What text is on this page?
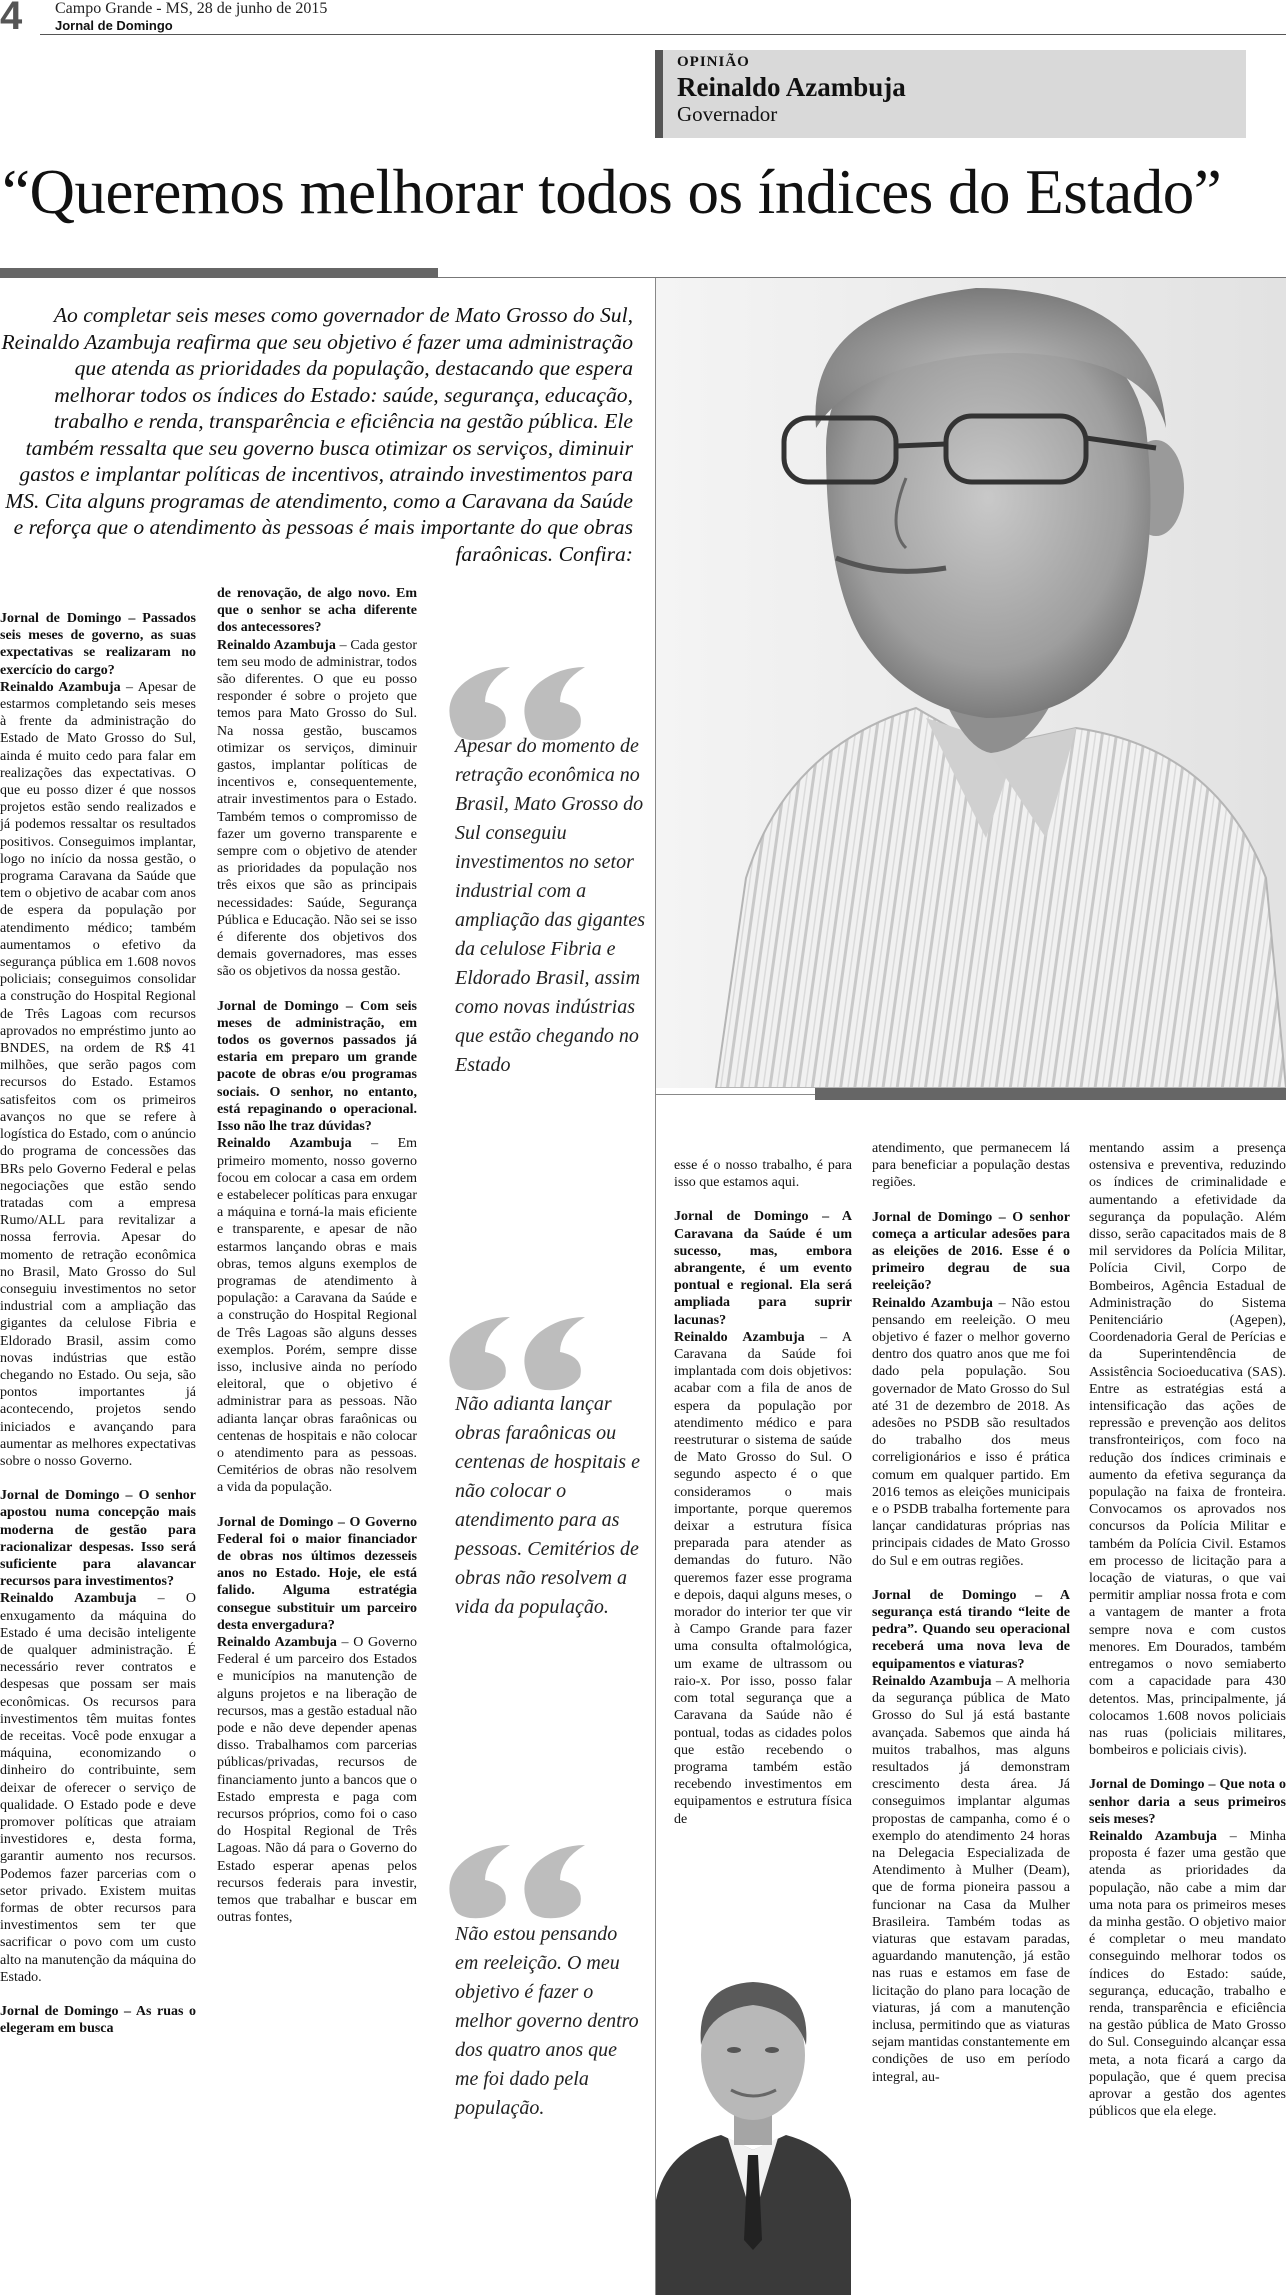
4 Campo Grande - MS, 28 de junho de 2015
Jornal de Domingo
OPINIÃO
Reinaldo Azambuja
Governador
“Queremos melhorar todos os índices do Estado”
Ao completar seis meses como governador de Mato Grosso do Sul, Reinaldo Azambuja reafirma que seu objetivo é fazer uma administração que atenda as prioridades da população, destacando que espera melhorar todos os índices do Estado: saúde, segurança, educação, trabalho e renda, transparência e eficiência na gestão pública. Ele também ressalta que seu governo busca otimizar os serviços, diminuir gastos e implantar políticas de incentivos, atraindo investimentos para MS. Cita alguns programas de atendimento, como a Caravana da Saúde e reforça que o atendimento às pessoas é mais importante do que obras faraônicas. Confira:

Jornal de Domingo – Passados seis meses de governo, as suas expectativas se realizaram no exercício do cargo?

Reinaldo Azambuja – Apesar de estarmos completando seis meses à frente da administração do Estado de Mato Grosso do Sul, ainda é muito cedo para falar em realizações das expectativas. O que eu posso dizer é que nossos projetos estão sendo realizados e já podemos ressaltar os resultados positivos. Conseguimos implantar, logo no início da nossa gestão, o programa Caravana da Saúde que tem o objetivo de acabar com anos de espera da população por atendimento médico; também aumentamos o efetivo da segurança pública em 1.608 novos policiais; conseguimos consolidar a construção do Hospital Regional de Três Lagoas com recursos aprovados no empréstimo junto ao BNDES, na ordem de R$ 41 milhões, que serão pagos com recursos do Estado. Estamos satisfeitos com os primeiros avanços no que se refere à logística do Estado, com o anúncio do programa de concessões das BRs pelo Governo Federal e pelas negociações que estão sendo tratadas com a empresa Rumo/ALL para revitalizar a nossa ferrovia. Apesar do momento de retração econômica no Brasil, Mato Grosso do Sul conseguiu investimentos no setor industrial com a ampliação das gigantes da celulose Fibria e Eldorado Brasil, assim como novas indústrias que estão chegando no Estado. Ou seja, são pontos importantes já acontecendo, projetos sendo iniciados e avançando para aumentar as melhores expectativas sobre o nosso Governo.

Jornal de Domingo – O senhor apostou numa concepção mais moderna de gestão para racionalizar despesas. Isso será suficiente para alavancar recursos para investimentos?

Reinaldo Azambuja – O enxugamento da máquina do Estado é uma decisão inteligente de qualquer administração. É necessário rever contratos e despesas que possam ser mais econômicas. Os recursos para investimentos têm muitas fontes de receitas. Você pode enxugar a máquina, economizando o dinheiro do contribuinte, sem deixar de oferecer o serviço de qualidade. O Estado pode e deve promover políticas que atraiam investidores e, desta forma, garantir aumento nos recursos. Podemos fazer parcerias com o setor privado. Existem muitas formas de obter recursos para investimentos sem ter que sacrificar o povo com um custo alto na manutenção da máquina do Estado.

Jornal de Domingo – As ruas o elegeram em busca

de renovação, de algo novo. Em que o senhor se acha diferente dos antecessores?

Reinaldo Azambuja – Cada gestor tem seu modo de administrar, todos são diferentes. O que eu posso responder é sobre o projeto que temos para Mato Grosso do Sul. Na nossa gestão, buscamos otimizar os serviços, diminuir gastos, implantar políticas de incentivos e, consequentemente, atrair investimentos para o Estado. Também temos o compromisso de fazer um governo transparente e sempre com o objetivo de atender as prioridades da população nos três eixos que são as principais necessidades: Saúde, Segurança Pública e Educação. Não sei se isso é diferente dos objetivos dos demais governadores, mas esses são os objetivos da nossa gestão.

Jornal de Domingo – Com seis meses de administração, em todos os governos passados já estaria em preparo um grande pacote de obras e/ou programas sociais. O senhor, no entanto, está repaginando o operacional. Isso não lhe traz dúvidas?

Reinaldo Azambuja – Em primeiro momento, nosso governo focou em colocar a casa em ordem e estabelecer políticas para enxugar a máquina e torná-la mais eficiente e transparente, e apesar de não estarmos lançando obras e mais obras, temos alguns exemplos de programas de atendimento à população: a Caravana da Saúde e a construção do Hospital Regional de Três Lagoas são alguns desses exemplos. Porém, sempre disse isso, inclusive ainda no período eleitoral, que o objetivo é administrar para as pessoas. Não adianta lançar obras faraônicas ou centenas de hospitais e não colocar o atendimento para as pessoas. Cemitérios de obras não resolvem a vida da população.

Jornal de Domingo – O Governo Federal foi o maior financiador de obras nos últimos dezesseis anos no Estado. Hoje, ele está falido. Alguma estratégia consegue substituir um parceiro desta envergadura?

Reinaldo Azambuja – O Governo Federal é um parceiro dos Estados e municípios na manutenção de alguns projetos e na liberação de recursos, mas a gestão estadual não pode e não deve depender apenas disso. Trabalhamos com parcerias públicas/privadas, recursos de financiamento junto a bancos que o Estado empresta e paga com recursos próprios, como foi o caso do Hospital Regional de Três Lagoas. Não dá para o Governo do Estado esperar apenas pelos recursos federais para investir, temos que trabalhar e buscar em outras fontes,

esse é o nosso trabalho, é para isso que estamos aqui.

Jornal de Domingo – A Caravana da Saúde é um sucesso, mas, embora abrangente, é um evento pontual e regional. Ela será ampliada para suprir lacunas?

Reinaldo Azambuja – A Caravana da Saúde foi implantada com dois objetivos: acabar com a fila de anos de espera da população por atendimento médico e para reestruturar o sistema de saúde de Mato Grosso do Sul. O segundo aspecto é o que consideramos o mais importante, porque queremos deixar a estrutura física preparada para atender as demandas do futuro. Não queremos fazer esse programa e depois, daqui alguns meses, o morador do interior ter que vir à Campo Grande para fazer uma consulta oftalmológica, um exame de ultrassom ou raio-x. Por isso, posso falar com total segurança que a Caravana da Saúde não é pontual, todas as cidades polos que estão recebendo o programa também estão recebendo investimentos em equipamentos e estrutura física de

atendimento, que permanecem lá para beneficiar a população destas regiões.

Jornal de Domingo – O senhor começa a articular adesões para as eleições de 2016. Esse é o primeiro degrau de sua reeleição?

Reinaldo Azambuja – Não estou pensando em reeleição. O meu objetivo é fazer o melhor governo dentro dos quatro anos que me foi dado pela população. Sou governador de Mato Grosso do Sul até 31 de dezembro de 2018. As adesões no PSDB são resultados do trabalho dos meus correligionários e isso é prática comum em qualquer partido. Em 2016 temos as eleições municipais e o PSDB trabalha fortemente para lançar candidaturas próprias nas principais cidades de Mato Grosso do Sul e em outras regiões.

Jornal de Domingo – A segurança está tirando “leite de pedra”. Quando seu operacional receberá uma nova leva de equipamentos e viaturas?

Reinaldo Azambuja – A melhoria da segurança pública de Mato Grosso do Sul já está bastante avançada. Sabemos que ainda há muitos trabalhos, mas alguns resultados já demonstram crescimento desta área. Já conseguimos implantar algumas propostas de campanha, como é o exemplo do atendimento 24 horas na Delegacia Especializada de Atendimento à Mulher (Deam), que de forma pioneira passou a funcionar na Casa da Mulher Brasileira. Também todas as viaturas que estavam paradas, aguardando manutenção, já estão nas ruas e estamos em fase de licitação do plano para locação de viaturas, já com a manutenção inclusa, permitindo que as viaturas sejam mantidas constantemente em condições de uso em período integral, au-

mentando assim a presença ostensiva e preventiva, reduzindo os índices de criminalidade e aumentando a efetividade da segurança da população. Além disso, serão capacitados mais de 8 mil servidores da Polícia Militar, Polícia Civil, Corpo de Bombeiros, Agência Estadual de Administração do Sistema Penitenciário (Agepen), Coordenadoria Geral de Perícias e da Superintendência de Assistência Socioeducativa (SAS). Entre as estratégias está a intensificação das ações de repressão e prevenção aos delitos transfronteiriços, com foco na redução dos índices criminais e aumento da efetiva segurança da população na faixa de fronteira. Convocamos os aprovados nos concursos da Polícia Militar e também da Polícia Civil. Estamos em processo de licitação para a locação de viaturas, o que vai permitir ampliar nossa frota e com a vantagem de manter a frota sempre nova e com custos menores. Em Dourados, também entregamos o novo semiaberto com a capacidade para 430 detentos. Mas, principalmente, já colocamos 1.608 novos policiais nas ruas (policiais militares, bombeiros e policiais civis).

Jornal de Domingo – Que nota o senhor daria a seus primeiros seis meses?

Reinaldo Azambuja – Minha proposta é fazer uma gestão que atenda as prioridades da população, não cabe a mim dar uma nota para os primeiros meses da minha gestão. O objetivo maior é completar o meu mandato conseguindo melhorar todos os índices do Estado: saúde, segurança, educação, trabalho e renda, transparência e eficiência na gestão pública de Mato Grosso do Sul. Conseguindo alcançar essa meta, a nota ficará a cargo da população, que é quem precisa aprovar a gestão dos agentes públicos que ela elege.

Apesar do momento de retração econômica no Brasil, Mato Grosso do Sul conseguiu investimentos no setor industrial com a ampliação das gigantes da celulose Fibria e Eldorado Brasil, assim como novas indústrias que estão chegando no Estado
Não adianta lançar obras faraônicas ou centenas de hospitais e não colocar o atendimento para as pessoas. Cemitérios de obras não resolvem a vida da população.
Não estou pensando em reeleição. O meu objetivo é fazer o melhor governo dentro dos quatro anos que me foi dado pela população.
